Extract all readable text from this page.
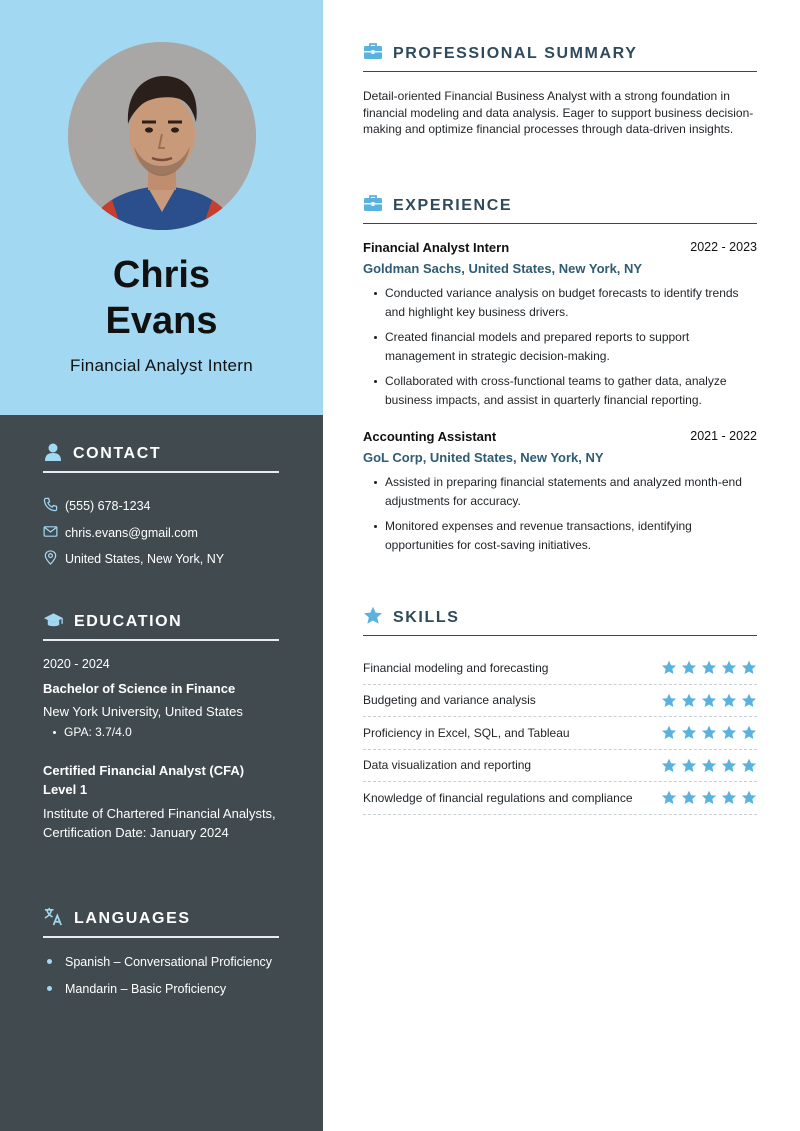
Chris
Evans
Financial Analyst Intern
CONTACT
(555) 678-1234
chris.evans@gmail.com
United States, New York, NY
EDUCATION
2020 - 2024
Bachelor of Science in Finance
New York University, United States
GPA: 3.7/4.0
Certified Financial Analyst (CFA) Level 1
Institute of Chartered Financial Analysts, Certification Date: January 2024
LANGUAGES
Spanish – Conversational Proficiency
Mandarin – Basic Proficiency
PROFESSIONAL SUMMARY

Detail-oriented Financial Business Analyst with a strong foundation in financial modeling and data analysis. Eager to support business decision-making and optimize financial processes through data-driven insights.

EXPERIENCE
Financial Analyst Intern	2022 - 2023
Goldman Sachs, United States, New York, NY
Conducted variance analysis on budget forecasts to identify trends and highlight key business drivers.
Created financial models and prepared reports to support management in strategic decision-making.
Collaborated with cross-functional teams to gather data, analyze business impacts, and assist in quarterly financial reporting.
Accounting Assistant	2021 - 2022
GoL Corp, United States, New York, NY
Assisted in preparing financial statements and analyzed month-end adjustments for accuracy.
Monitored expenses and revenue transactions, identifying opportunities for cost-saving initiatives.
SKILLS
Financial modeling and forecasting
Budgeting and variance analysis
Proficiency in Excel, SQL, and Tableau
Data visualization and reporting
Knowledge of financial regulations and compliance
